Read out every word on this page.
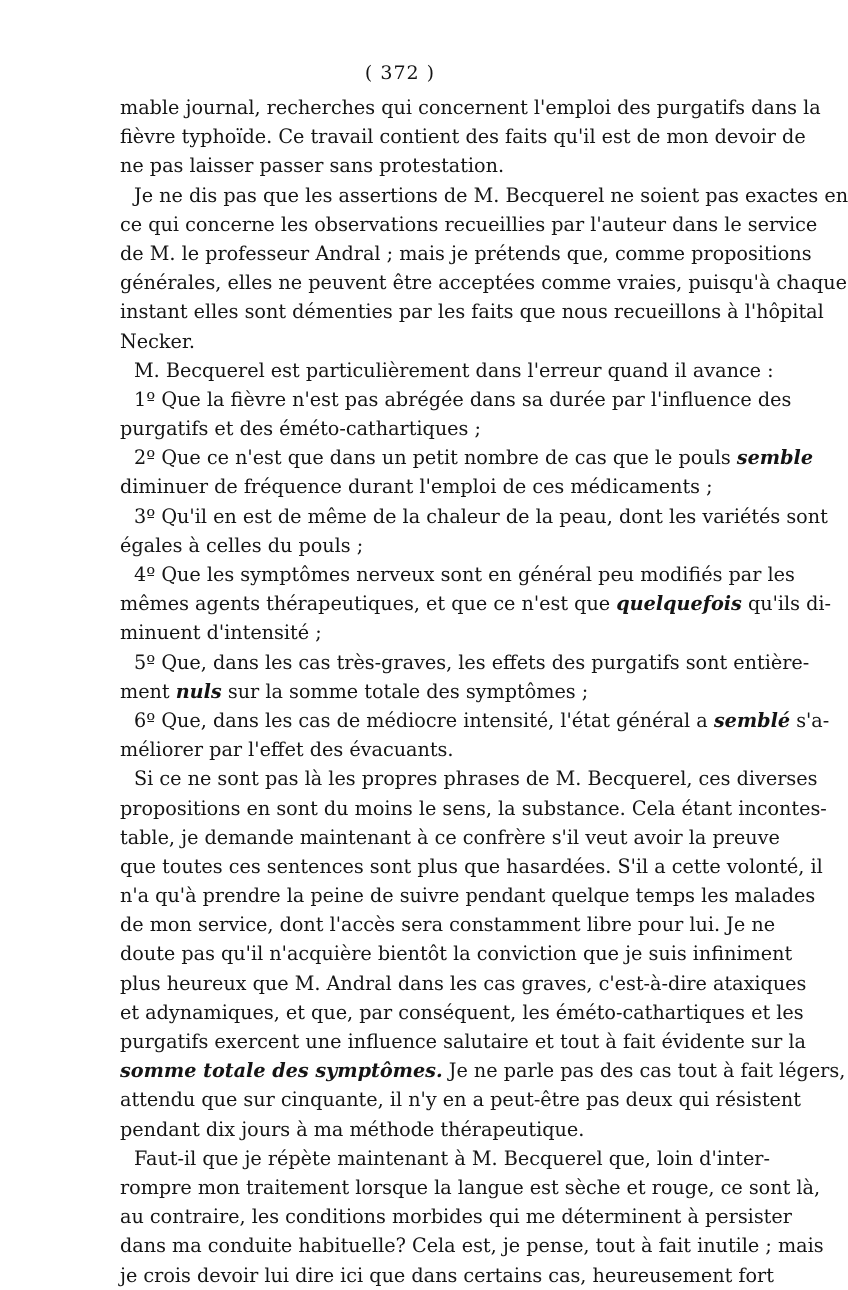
( 372 )
mable journal, recherches qui concernent l'emploi des purgatifs dans la
fièvre typhoïde. Ce travail contient des faits qu'il est de mon devoir de
ne pas laisser passer sans protestation.
Je ne dis pas que les assertions de M. Becquerel ne soient pas exactes en
ce qui concerne les observations recueillies par l'auteur dans le service
de M. le professeur Andral ; mais je prétends que, comme propositions
générales, elles ne peuvent être acceptées comme vraies, puisqu'à chaque
instant elles sont démenties par les faits que nous recueillons à l'hôpital
Necker.
M. Becquerel est particulièrement dans l'erreur quand il avance :
1º Que la fièvre n'est pas abrégée dans sa durée par l'influence des
purgatifs et des éméto-cathartiques ;
2º Que ce n'est que dans un petit nombre de cas que le pouls semble
diminuer de fréquence durant l'emploi de ces médicaments ;
3º Qu'il en est de même de la chaleur de la peau, dont les variétés sont
égales à celles du pouls ;
4º Que les symptômes nerveux sont en général peu modifiés par les
mêmes agents thérapeutiques, et que ce n'est que quelquefois qu'ils di-
minuent d'intensité ;
5º Que, dans les cas très-graves, les effets des purgatifs sont entière-
ment nuls sur la somme totale des symptômes ;
6º Que, dans les cas de médiocre intensité, l'état général a semblé s'a-
méliorer par l'effet des évacuants.
Si ce ne sont pas là les propres phrases de M. Becquerel, ces diverses
propositions en sont du moins le sens, la substance. Cela étant incontes-
table, je demande maintenant à ce confrère s'il veut avoir la preuve
que toutes ces sentences sont plus que hasardées. S'il a cette volonté, il
n'a qu'à prendre la peine de suivre pendant quelque temps les malades
de mon service, dont l'accès sera constamment libre pour lui. Je ne
doute pas qu'il n'acquière bientôt la conviction que je suis infiniment
plus heureux que M. Andral dans les cas graves, c'est-à-dire ataxiques
et adynamiques, et que, par conséquent, les éméto-cathartiques et les
purgatifs exercent une influence salutaire et tout à fait évidente sur la
somme totale des symptômes. Je ne parle pas des cas tout à fait légers,
attendu que sur cinquante, il n'y en a peut-être pas deux qui résistent
pendant dix jours à ma méthode thérapeutique.
Faut-il que je répète maintenant à M. Becquerel que, loin d'inter-
rompre mon traitement lorsque la langue est sèche et rouge, ce sont là,
au contraire, les conditions morbides qui me déterminent à persister
dans ma conduite habituelle? Cela est, je pense, tout à fait inutile ; mais
je crois devoir lui dire ici que dans certains cas, heureusement fort
